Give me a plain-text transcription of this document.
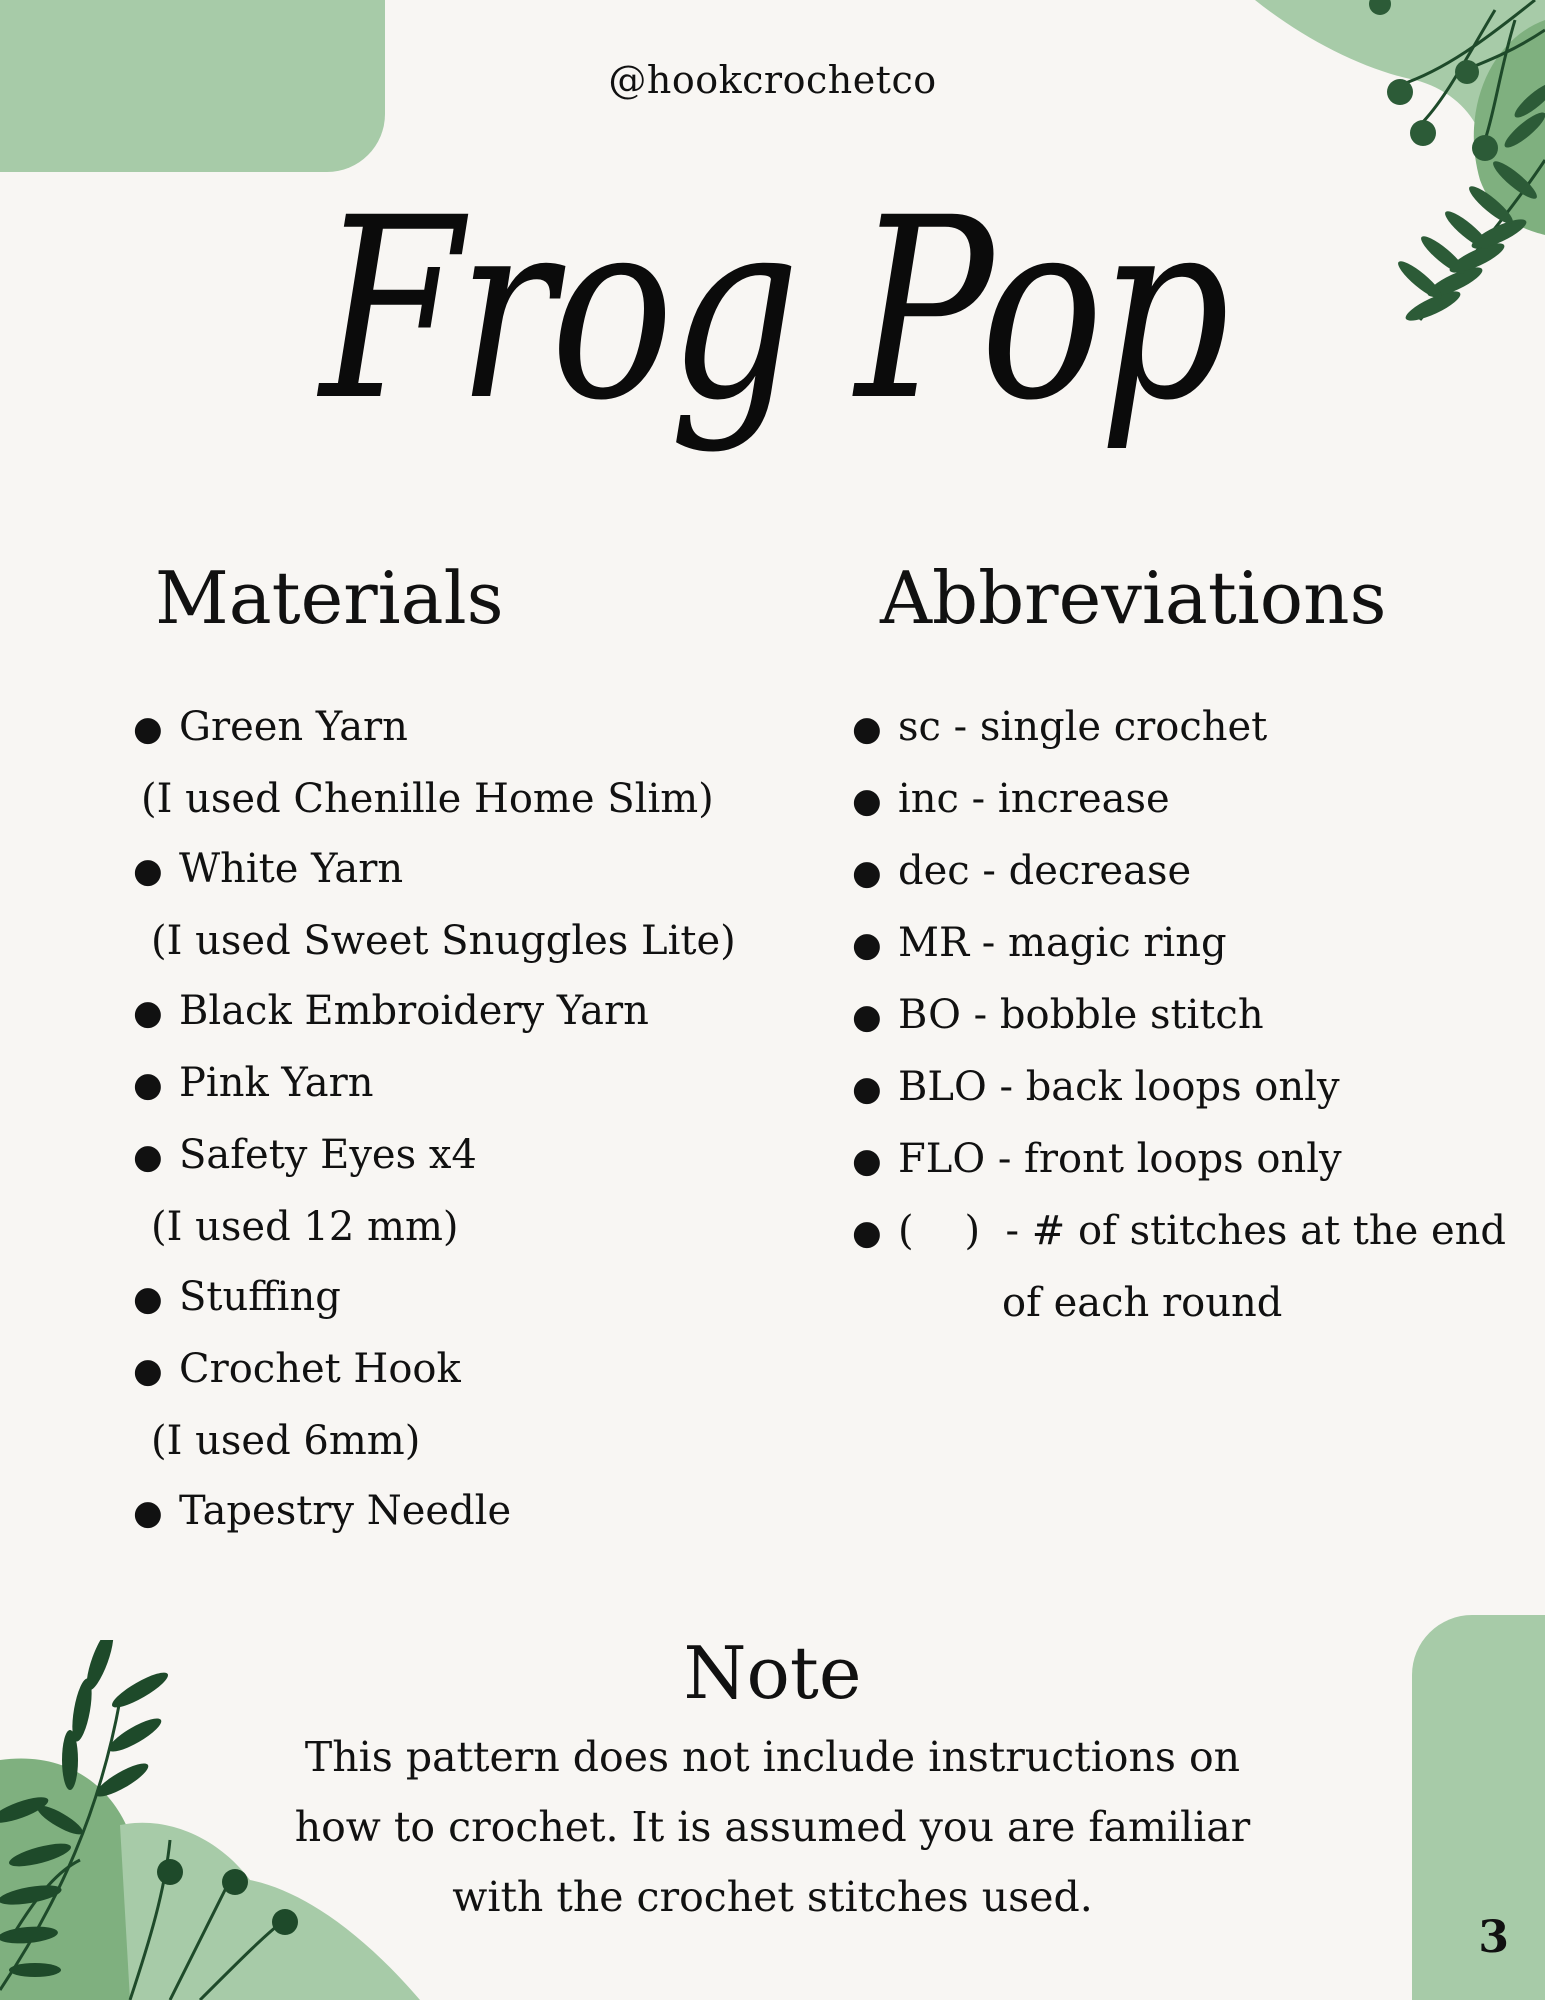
@hookcrochetco
Frog Pop
Materials
● Green Yarn
(I used Chenille Home Slim)
● White Yarn
(I used Sweet Snuggles Lite)
● Black Embroidery Yarn
● Pink Yarn
● Safety Eyes x4
(I used 12 mm)
● Stuffing
● Crochet Hook
(I used 6mm)
● Tapestry Needle
Abbreviations
● sc - single crochet
● inc - increase
● dec - decrease
● MR - magic ring
● BO - bobble stitch
● BLO - back loops only
● FLO - front loops only
● (    )  - # of stitches at the end
of each round
Note

This pattern does not include instructions on how to crochet. It is assumed you are familiar with the crochet stitches used.

3
